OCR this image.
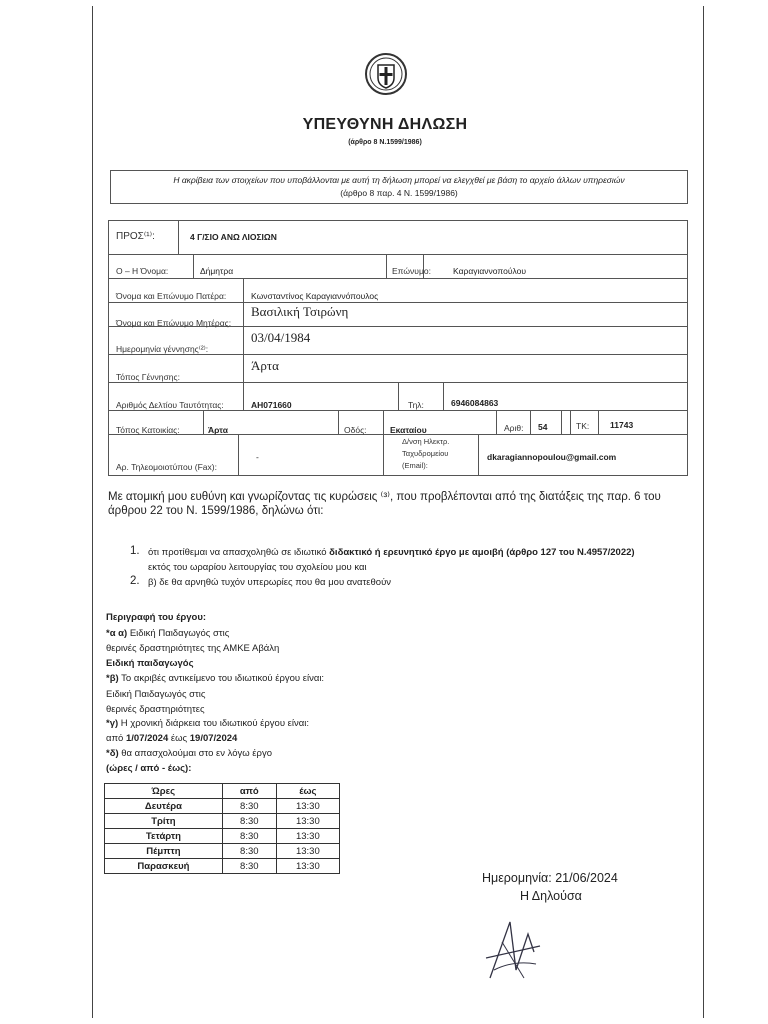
ΥΠΕΥΘΥΝΗ ΔΗΛΩΣΗ
(άρθρο 8 Ν.1599/1986)
Η ακρίβεια των στοιχείων που υποβάλλονται με αυτή τη δήλωση μπορεί να ελεγχθεί με βάση το αρχείο άλλων υπηρεσιών
(άρθρο 8 παρ. 4 Ν. 1599/1986)
ΠΡΟΣ⁽¹⁾:	4 Γ/ΣΙΟ ΑΝΩ ΛΙΟΣΙΩΝ
Ο – Η Όνομα:	Δήμητρα	Επώνυμο:	Καραγιαννοπούλου
Όνομα και Επώνυμο Πατέρα:	Κωνσταντίνος Καραγιαννόπουλος
Όνομα και Επώνυμο Μητέρας:
Βασιλική Τσιρώνη
Ημερομηνία γέννησης⁽²⁾:
03/04/1984
Τόπος Γέννησης:
Άρτα
Αριθμός Δελτίου Ταυτότητας:	ΑΗ071660	Τηλ:	6946084863
Τόπος Κατοικίας:	Άρτα	Οδός:	Εκαταίου	Αριθ: 54	ΤΚ: 11743
Αρ. Τηλεομοιοτύπου (Fax):
-
Δ/νση Ηλεκτρ.
Ταχυδρομείου
(Email):
dkaragiannopoulou@gmail.com
Με ατομική μου ευθύνη και γνωρίζοντας τις κυρώσεις ⁽³⁾, που προβλέπονται από της διατάξεις της παρ. 6 του
άρθρου 22 του Ν. 1599/1986, δηλώνω ότι:
1. ότι προτίθεμαι να απασχοληθώ σε ιδιωτικό διδακτικό ή ερευνητικό έργο με αμοιβή (άρθρο 127 του Ν.4957/2022)
εκτός του ωραρίου λειτουργίας του σχολείου μου και
2. β) δε θα αρνηθώ τυχόν υπερωρίες που θα μου ανατεθούν
Περιγραφή του έργου:
*α α) Ειδική Παιδαγωγός στις
θερινές δραστηριότητες της ΑΜΚΕ Αβάλη
Ειδική παιδαγωγός
*β) Το ακριβές αντικείμενο του ιδιωτικού έργου είναι:
Ειδική Παιδαγωγός στις
θερινές δραστηριότητες
*γ) Η χρονική διάρκεια του ιδιωτικού έργου είναι:
από 1/07/2024 έως 19/07/2024
*δ) θα απασχολούμαι στο εν λόγω έργο
(ώρες / από - έως):
Ώρες	από	έως
Δευτέρα	8:30	13:30
Τρίτη	8:30	13:30
Τετάρτη	8:30	13:30
Πέμπτη	8:30	13:30
Παρασκευή	8:30	13:30
Ημερομηνία: 21/06/2024
Η Δηλούσα
